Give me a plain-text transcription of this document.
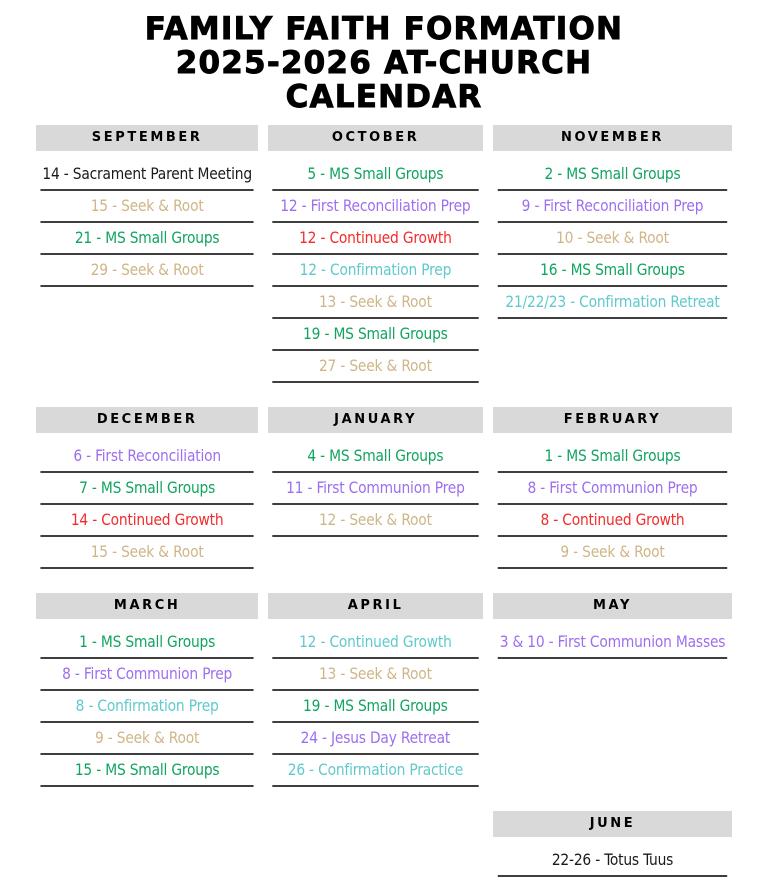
FAMILY FAITH FORMATION
2025-2026 AT-CHURCH
CALENDAR
SEPTEMBER
14 - Sacrament Parent Meeting
15 - Seek & Root
21 - MS Small Groups
29 - Seek & Root
DECEMBER
6 - First Reconciliation
7 - MS Small Groups
14 - Continued Growth
15 - Seek & Root
MARCH
1 - MS Small Groups
8 - First Communion Prep
8 - Confirmation Prep
9 - Seek & Root
15 - MS Small Groups
OCTOBER
5 - MS Small Groups
12 - First Reconciliation Prep
12 - Continued Growth
12 - Confirmation Prep
13 - Seek & Root
19 - MS Small Groups
27 - Seek & Root
JANUARY
4 - MS Small Groups
11 - First Communion Prep
12 - Seek & Root
APRIL
12 - Continued Growth
13 - Seek & Root
19 - MS Small Groups
24 - Jesus Day Retreat
26 - Confirmation Practice
NOVEMBER
2 - MS Small Groups
9 - First Reconciliation Prep
10 - Seek & Root
16 - MS Small Groups
21/22/23 - Confirmation Retreat
FEBRUARY
1 - MS Small Groups
8 - First Communion Prep
8 - Continued Growth
9 - Seek & Root
MAY
3 & 10 - First Communion Masses
JUNE
22-26 - Totus Tuus
